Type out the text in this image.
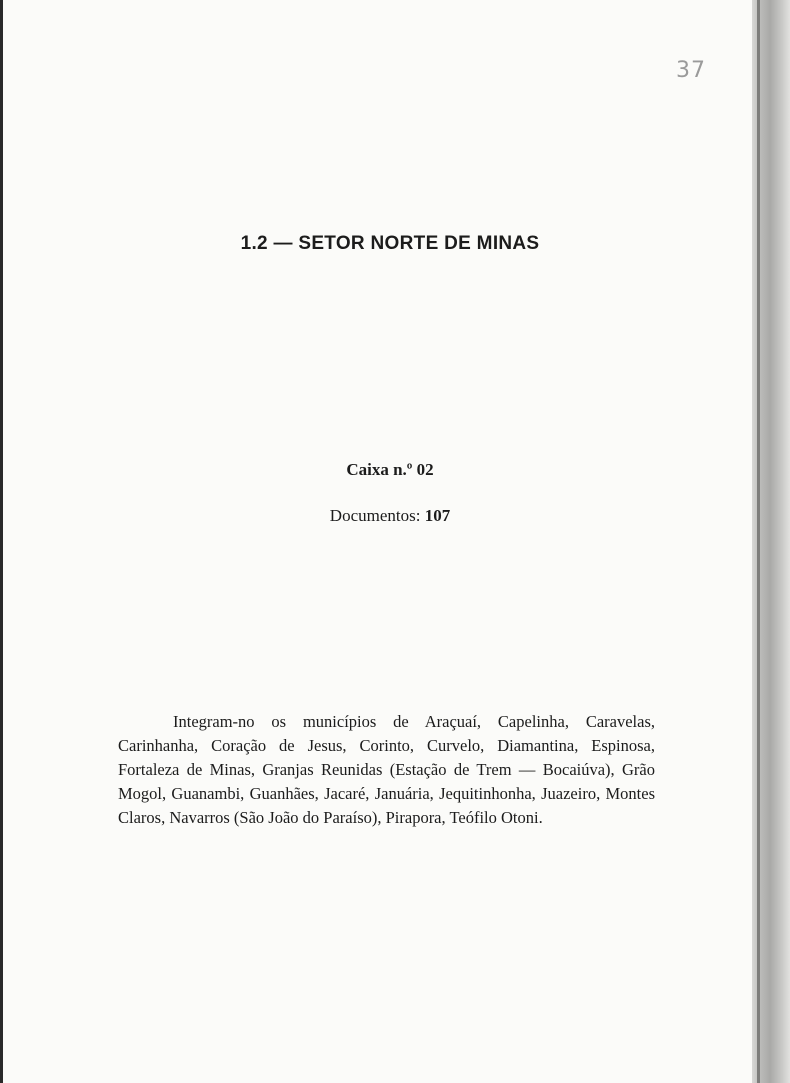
37
1.2 — SETOR NORTE DE MINAS
Caixa n.º 02
Documentos: 107

Integram-no os municípios de Araçuaí, Capelinha, Caravelas, Carinhanha, Coração de Jesus, Corinto, Curvelo, Diamantina, Espinosa, Fortaleza de Minas, Granjas Reunidas (Estação de Trem — Bocaiúva), Grão Mogol, Guanambi, Guanhães, Jacaré, Januária, Jequitinhonha, Juazeiro, Montes Claros, Navarros (São João do Paraíso), Pirapora, Teófilo Otoni.
